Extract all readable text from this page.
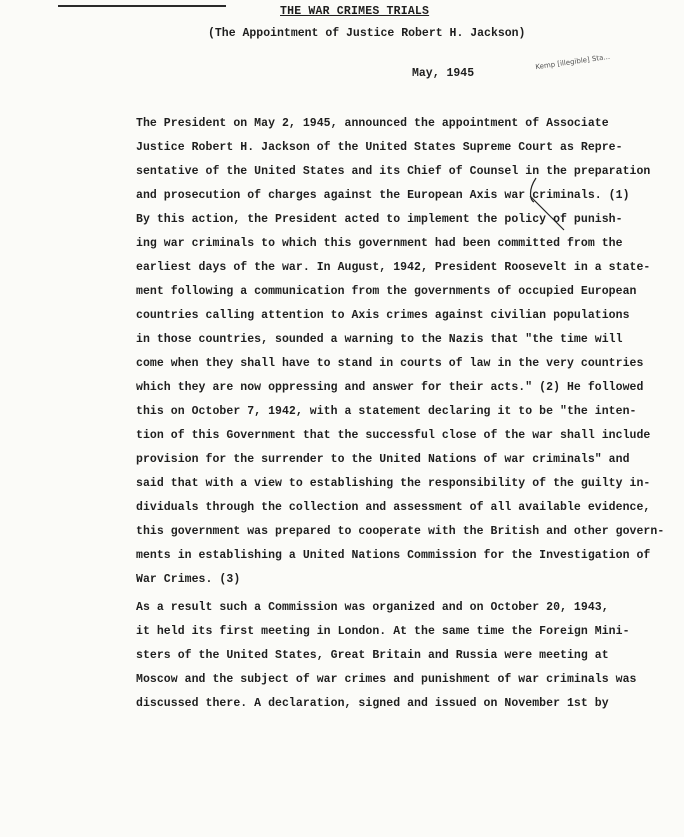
THE WAR CRIMES TRIALS
(The Appointment of Justice Robert H. Jackson)
May, 1945
Kemp [illegible] Sta...
The President on May 2, 1945, announced the appointment of Associate
Justice Robert H. Jackson of the United States Supreme Court as Repre-
sentative of the United States and its Chief of Counsel in the preparation
and prosecution of charges against the European Axis war criminals. (1)
By this action, the President acted to implement the policy of punish-
ing war criminals to which this government had been committed from the
earliest days of the war. In August, 1942, President Roosevelt in a state-
ment following a communication from the governments of occupied European
countries calling attention to Axis crimes against civilian populations
in those countries, sounded a warning to the Nazis that "the time will
come when they shall have to stand in courts of law in the very countries
which they are now oppressing and answer for their acts." (2) He followed
this on October 7, 1942, with a statement declaring it to be "the inten-
tion of this Government that the successful close of the war shall include
provision for the surrender to the United Nations of war criminals" and
said that with a view to establishing the responsibility of the guilty in-
dividuals through the collection and assessment of all available evidence,
this government was prepared to cooperate with the British and other govern-
ments in establishing a United Nations Commission for the Investigation of
War Crimes. (3)
As a result such a Commission was organized and on October 20, 1943,
it held its first meeting in London. At the same time the Foreign Mini-
sters of the United States, Great Britain and Russia were meeting at
Moscow and the subject of war crimes and punishment of war criminals was
discussed there. A declaration, signed and issued on November 1st by
